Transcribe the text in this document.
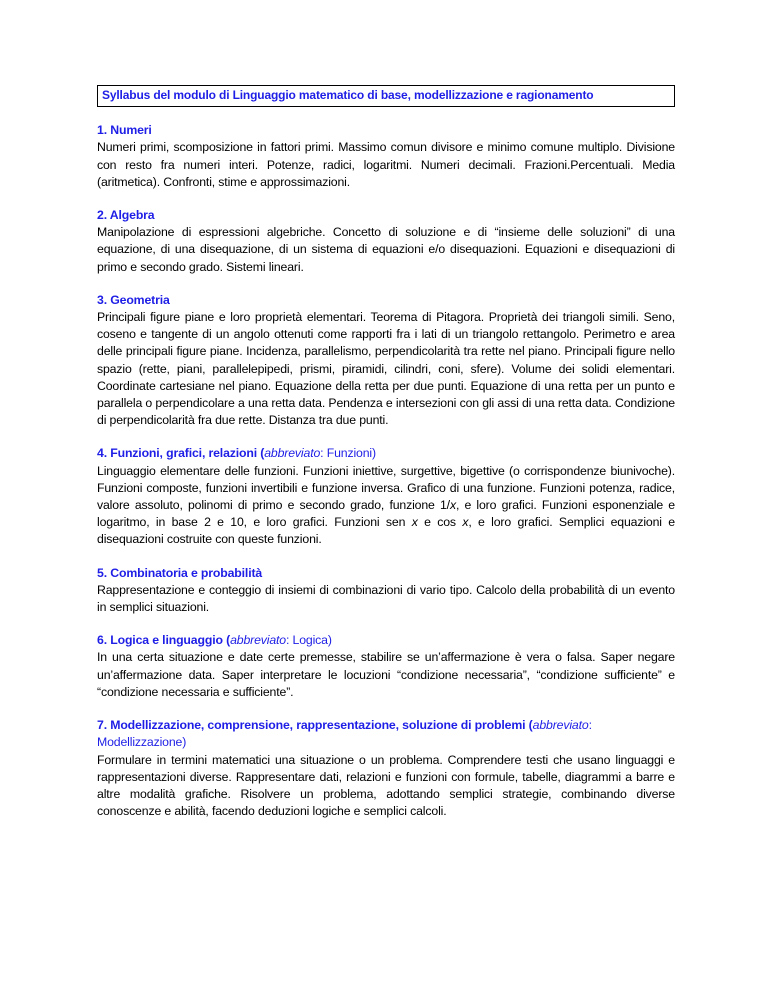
Syllabus del modulo di Linguaggio matematico di base, modellizzazione e ragionamento
1. Numeri
Numeri primi, scomposizione in fattori primi. Massimo comun divisore e minimo comune multiplo. Divisione con resto fra numeri interi. Potenze, radici, logaritmi. Numeri decimali. Frazioni.Percentuali. Media (aritmetica). Confronti, stime e approssimazioni.
2. Algebra
Manipolazione di espressioni algebriche. Concetto di soluzione e di “insieme delle soluzioni” di una equazione, di una disequazione, di un sistema di equazioni e/o disequazioni. Equazioni e disequazioni di primo e secondo grado. Sistemi lineari.
3. Geometria
Principali figure piane e loro proprietà elementari. Teorema di Pitagora. Proprietà dei triangoli simili. Seno, coseno e tangente di un angolo ottenuti come rapporti fra i lati di un triangolo rettangolo. Perimetro e area delle principali figure piane. Incidenza, parallelismo, perpendicolarità tra rette nel piano. Principali figure nello spazio (rette, piani, parallelepipedi, prismi, piramidi, cilindri, coni, sfere). Volume dei solidi elementari. Coordinate cartesiane nel piano. Equazione della retta per due punti. Equazione di una retta per un punto e parallela o perpendicolare a una retta data. Pendenza e intersezioni con gli assi di una retta data. Condizione di perpendicolarità fra due rette. Distanza tra due punti.
4. Funzioni, grafici, relazioni (abbreviato: Funzioni)
Linguaggio elementare delle funzioni. Funzioni iniettive, surgettive, bigettive (o corrispondenze biunivoche). Funzioni composte, funzioni invertibili e funzione inversa. Grafico di una funzione. Funzioni potenza, radice, valore assoluto, polinomi di primo e secondo grado, funzione 1/x, e loro grafici. Funzioni esponenziale e logaritmo, in base 2 e 10, e loro grafici. Funzioni sen x e cos x, e loro grafici. Semplici equazioni e disequazioni costruite con queste funzioni.
5. Combinatoria e probabilità
Rappresentazione e conteggio di insiemi di combinazioni di vario tipo. Calcolo della probabilità di un evento in semplici situazioni.
6. Logica e linguaggio (abbreviato: Logica)
In una certa situazione e date certe premesse, stabilire se un’affermazione è vera o falsa. Saper negare un’affermazione data. Saper interpretare le locuzioni “condizione necessaria”, “condizione sufficiente” e “condizione necessaria e sufficiente”.
7. Modellizzazione, comprensione, rappresentazione, soluzione di problemi (abbreviato:
Modellizzazione)
Formulare in termini matematici una situazione o un problema. Comprendere testi che usano linguaggi e rappresentazioni diverse. Rappresentare dati, relazioni e funzioni con formule, tabelle, diagrammi a barre e altre modalità grafiche. Risolvere un problema, adottando semplici strategie, combinando diverse conoscenze e abilità, facendo deduzioni logiche e semplici calcoli.
